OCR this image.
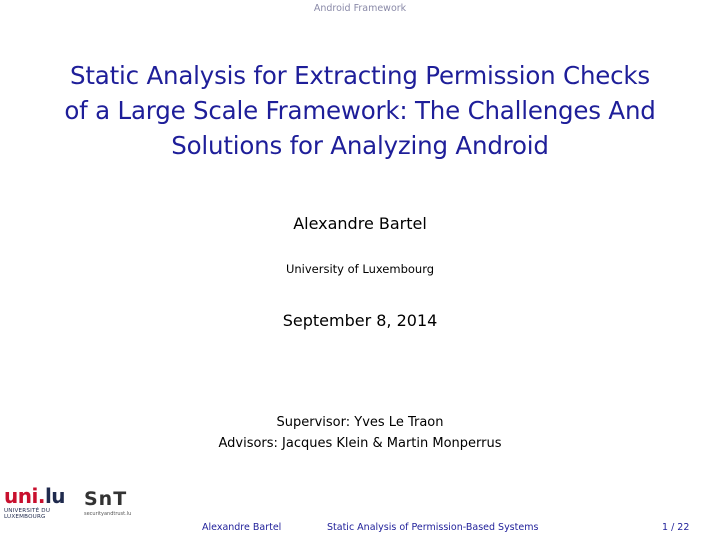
Android Framework
Static Analysis for Extracting Permission Checks
of a Large Scale Framework: The Challenges And
Solutions for Analyzing Android
Alexandre Bartel
University of Luxembourg
September 8, 2014
Supervisor: Yves Le Traon
Advisors: Jacques Klein & Martin Monperrus
uni.lu
UNIVERSITÉ DU
LUXEMBOURG
SnT
securityandtrust.lu
Alexandre Bartel	Static Analysis of Permission-Based Systems	1 / 22
